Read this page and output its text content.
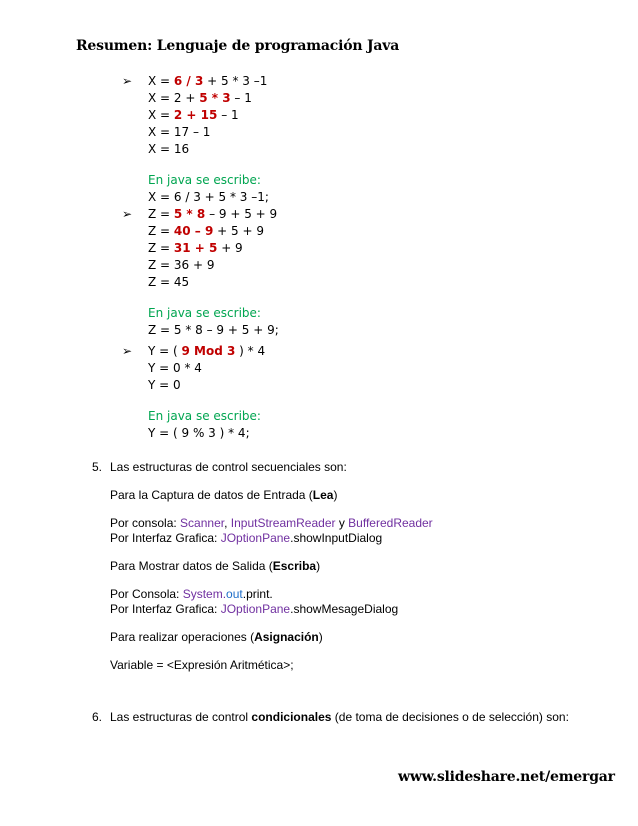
Resumen: Lenguaje de programación Java
➢ X = 6 / 3 + 5 * 3 –1
X = 2 + 5 * 3 – 1
X = 2 + 15 – 1
X = 17 – 1
X = 16
En java se escribe:
X = 6 / 3 + 5 * 3 –1;
➢ Z = 5 * 8 – 9 + 5 + 9
Z = 40 – 9 + 5 + 9
Z = 31 + 5 + 9
Z = 36 + 9
Z = 45
En java se escribe:
Z = 5 * 8 – 9 + 5 + 9;
➢ Y = ( 9 Mod 3 ) * 4
Y = 0 * 4
Y = 0
En java se escribe:
Y = ( 9 % 3 ) * 4;
5. Las estructuras de control secuenciales son:

Para la Captura de datos de Entrada (Lea)

Por consola: Scanner, InputStreamReader y BufferedReader

Por Interfaz Grafica: JOptionPane.showInputDialog

Para Mostrar datos de Salida (Escriba)

Por Consola: System.out.print.

Por Interfaz Grafica: JOptionPane.showMesageDialog

Para realizar operaciones (Asignación)

Variable = <Expresión Aritmética>;

6. Las estructuras de control condicionales (de toma de decisiones o de selección) son:
www.slideshare.net/emergar
